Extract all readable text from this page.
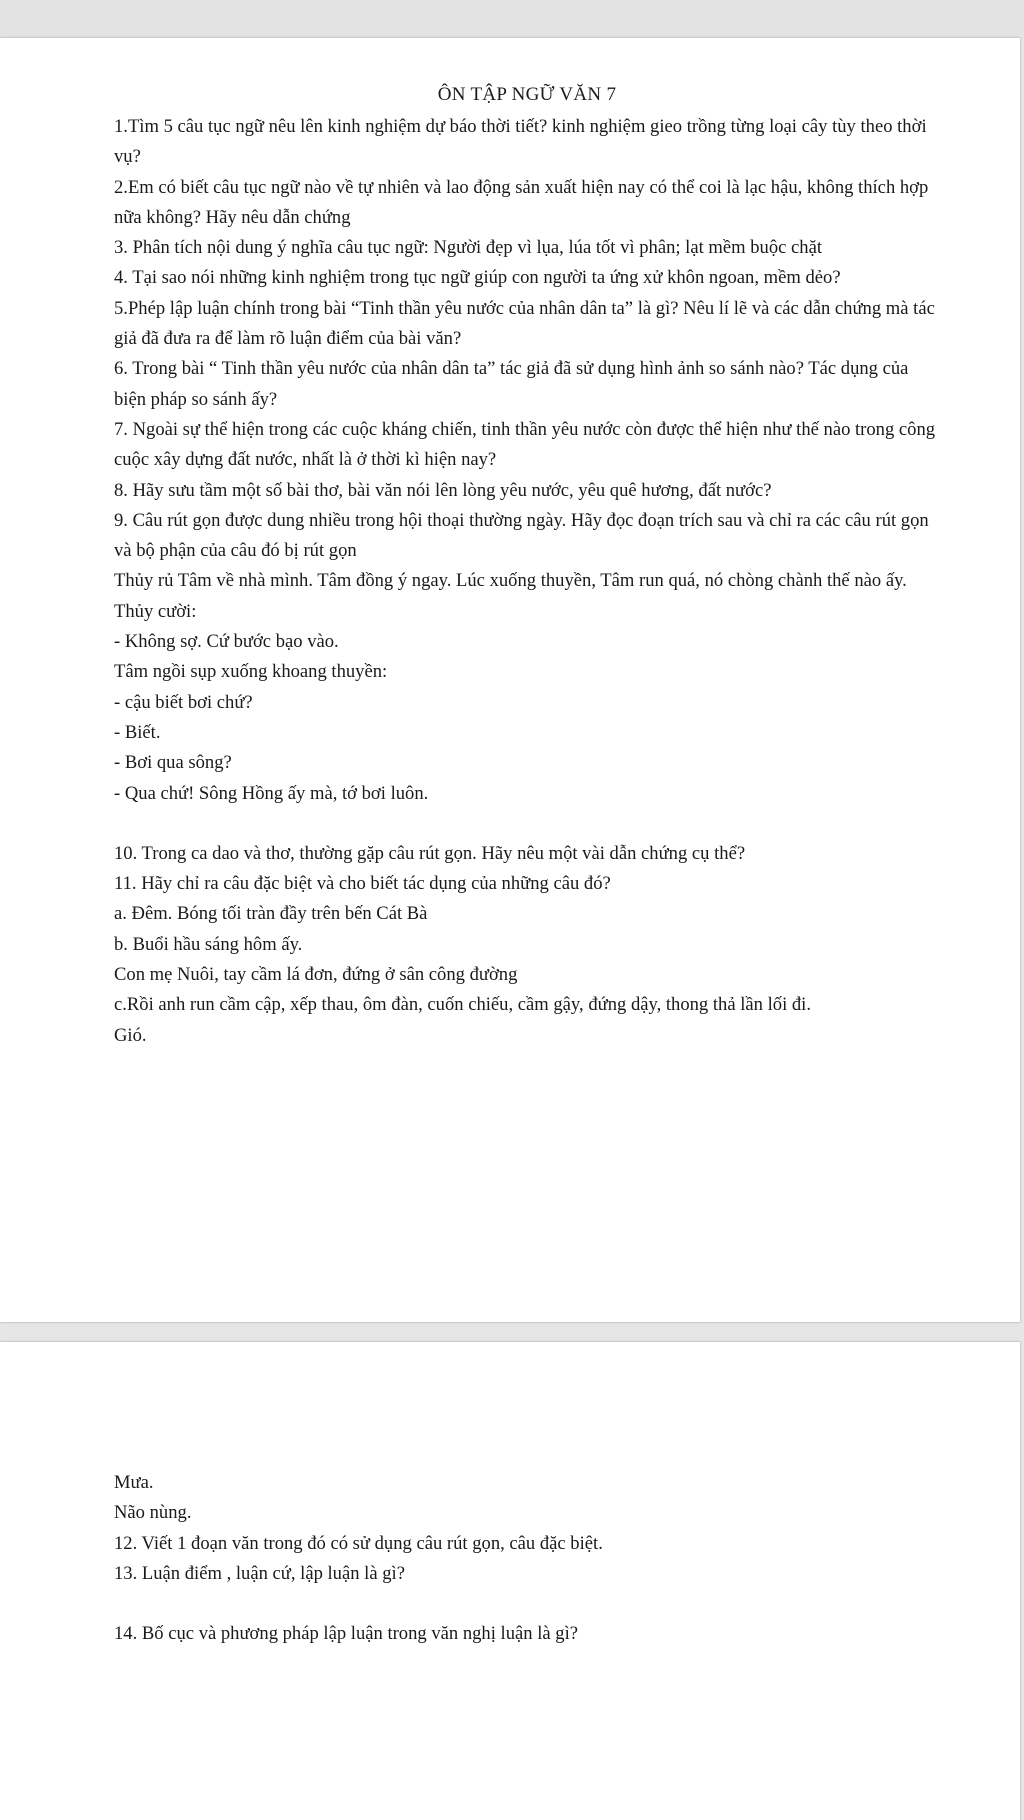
ÔN TẬP NGỮ VĂN 7

1.Tìm 5 câu tục ngữ nêu lên kinh nghiệm dự báo thời tiết? kinh nghiệm gieo trồng từng loại cây tùy theo thời vụ?

2.Em có biết câu tục ngữ nào về tự nhiên và lao động sản xuất hiện nay có thể coi là lạc hậu, không thích hợp nữa không? Hãy nêu dẫn chứng

3. Phân tích nội dung ý nghĩa câu tục ngữ: Người đẹp vì lụa, lúa tốt vì phân; lạt mềm buộc chặt

4. Tại sao nói những kinh nghiệm trong tục ngữ giúp con người ta ứng xử khôn ngoan, mềm dẻo?

5.Phép lập luận chính trong bài “Tinh thần yêu nước của nhân dân ta” là gì? Nêu lí lẽ và các dẫn chứng mà tác giả đã đưa ra để làm rõ luận điểm của bài văn?

6. Trong bài “ Tinh thần yêu nước của nhân dân ta” tác giả đã sử dụng hình ảnh so sánh nào? Tác dụng của biện pháp so sánh ấy?

7. Ngoài sự thể hiện trong các cuộc kháng chiến, tinh thần yêu nước còn được thể hiện như thế nào trong công cuộc xây dựng đất nước, nhất là ở thời kì hiện nay?

8. Hãy sưu tầm một số bài thơ, bài văn nói lên lòng yêu nước, yêu quê hương, đất nước?

9. Câu rút gọn được dung nhiều trong hội thoại thường ngày. Hãy đọc đoạn trích sau và chỉ ra các câu rút gọn và bộ phận của câu đó bị rút gọn

Thủy rủ Tâm về nhà mình. Tâm đồng ý ngay. Lúc xuống thuyền, Tâm run quá, nó chòng chành thế nào ấy. Thủy cười:

- Không sợ. Cứ bước bạo vào.

Tâm ngồi sụp xuống khoang thuyền:

- cậu biết bơi chứ?

- Biết.

- Bơi qua sông?

- Qua chứ! Sông Hồng ấy mà, tớ bơi luôn.

10. Trong ca dao và thơ, thường gặp câu rút gọn. Hãy nêu một vài dẫn chứng cụ thể?

11. Hãy chỉ ra câu đặc biệt và cho biết tác dụng của những câu đó?

a. Đêm. Bóng tối tràn đầy trên bến Cát Bà

b. Buổi hầu sáng hôm ấy.

Con mẹ Nuôi, tay cầm lá đơn, đứng ở sân công đường

c.Rồi anh run cầm cập, xếp thau, ôm đàn, cuốn chiếu, cầm gậy, đứng dậy, thong thả lần lối đi.

Gió.

Mưa.

Não nùng.

12. Viết 1 đoạn văn trong đó có sử dụng câu rút gọn, câu đặc biệt.

13. Luận điểm , luận cứ, lập luận là gì?

14. Bố cục và phương pháp lập luận trong văn nghị luận là gì?
